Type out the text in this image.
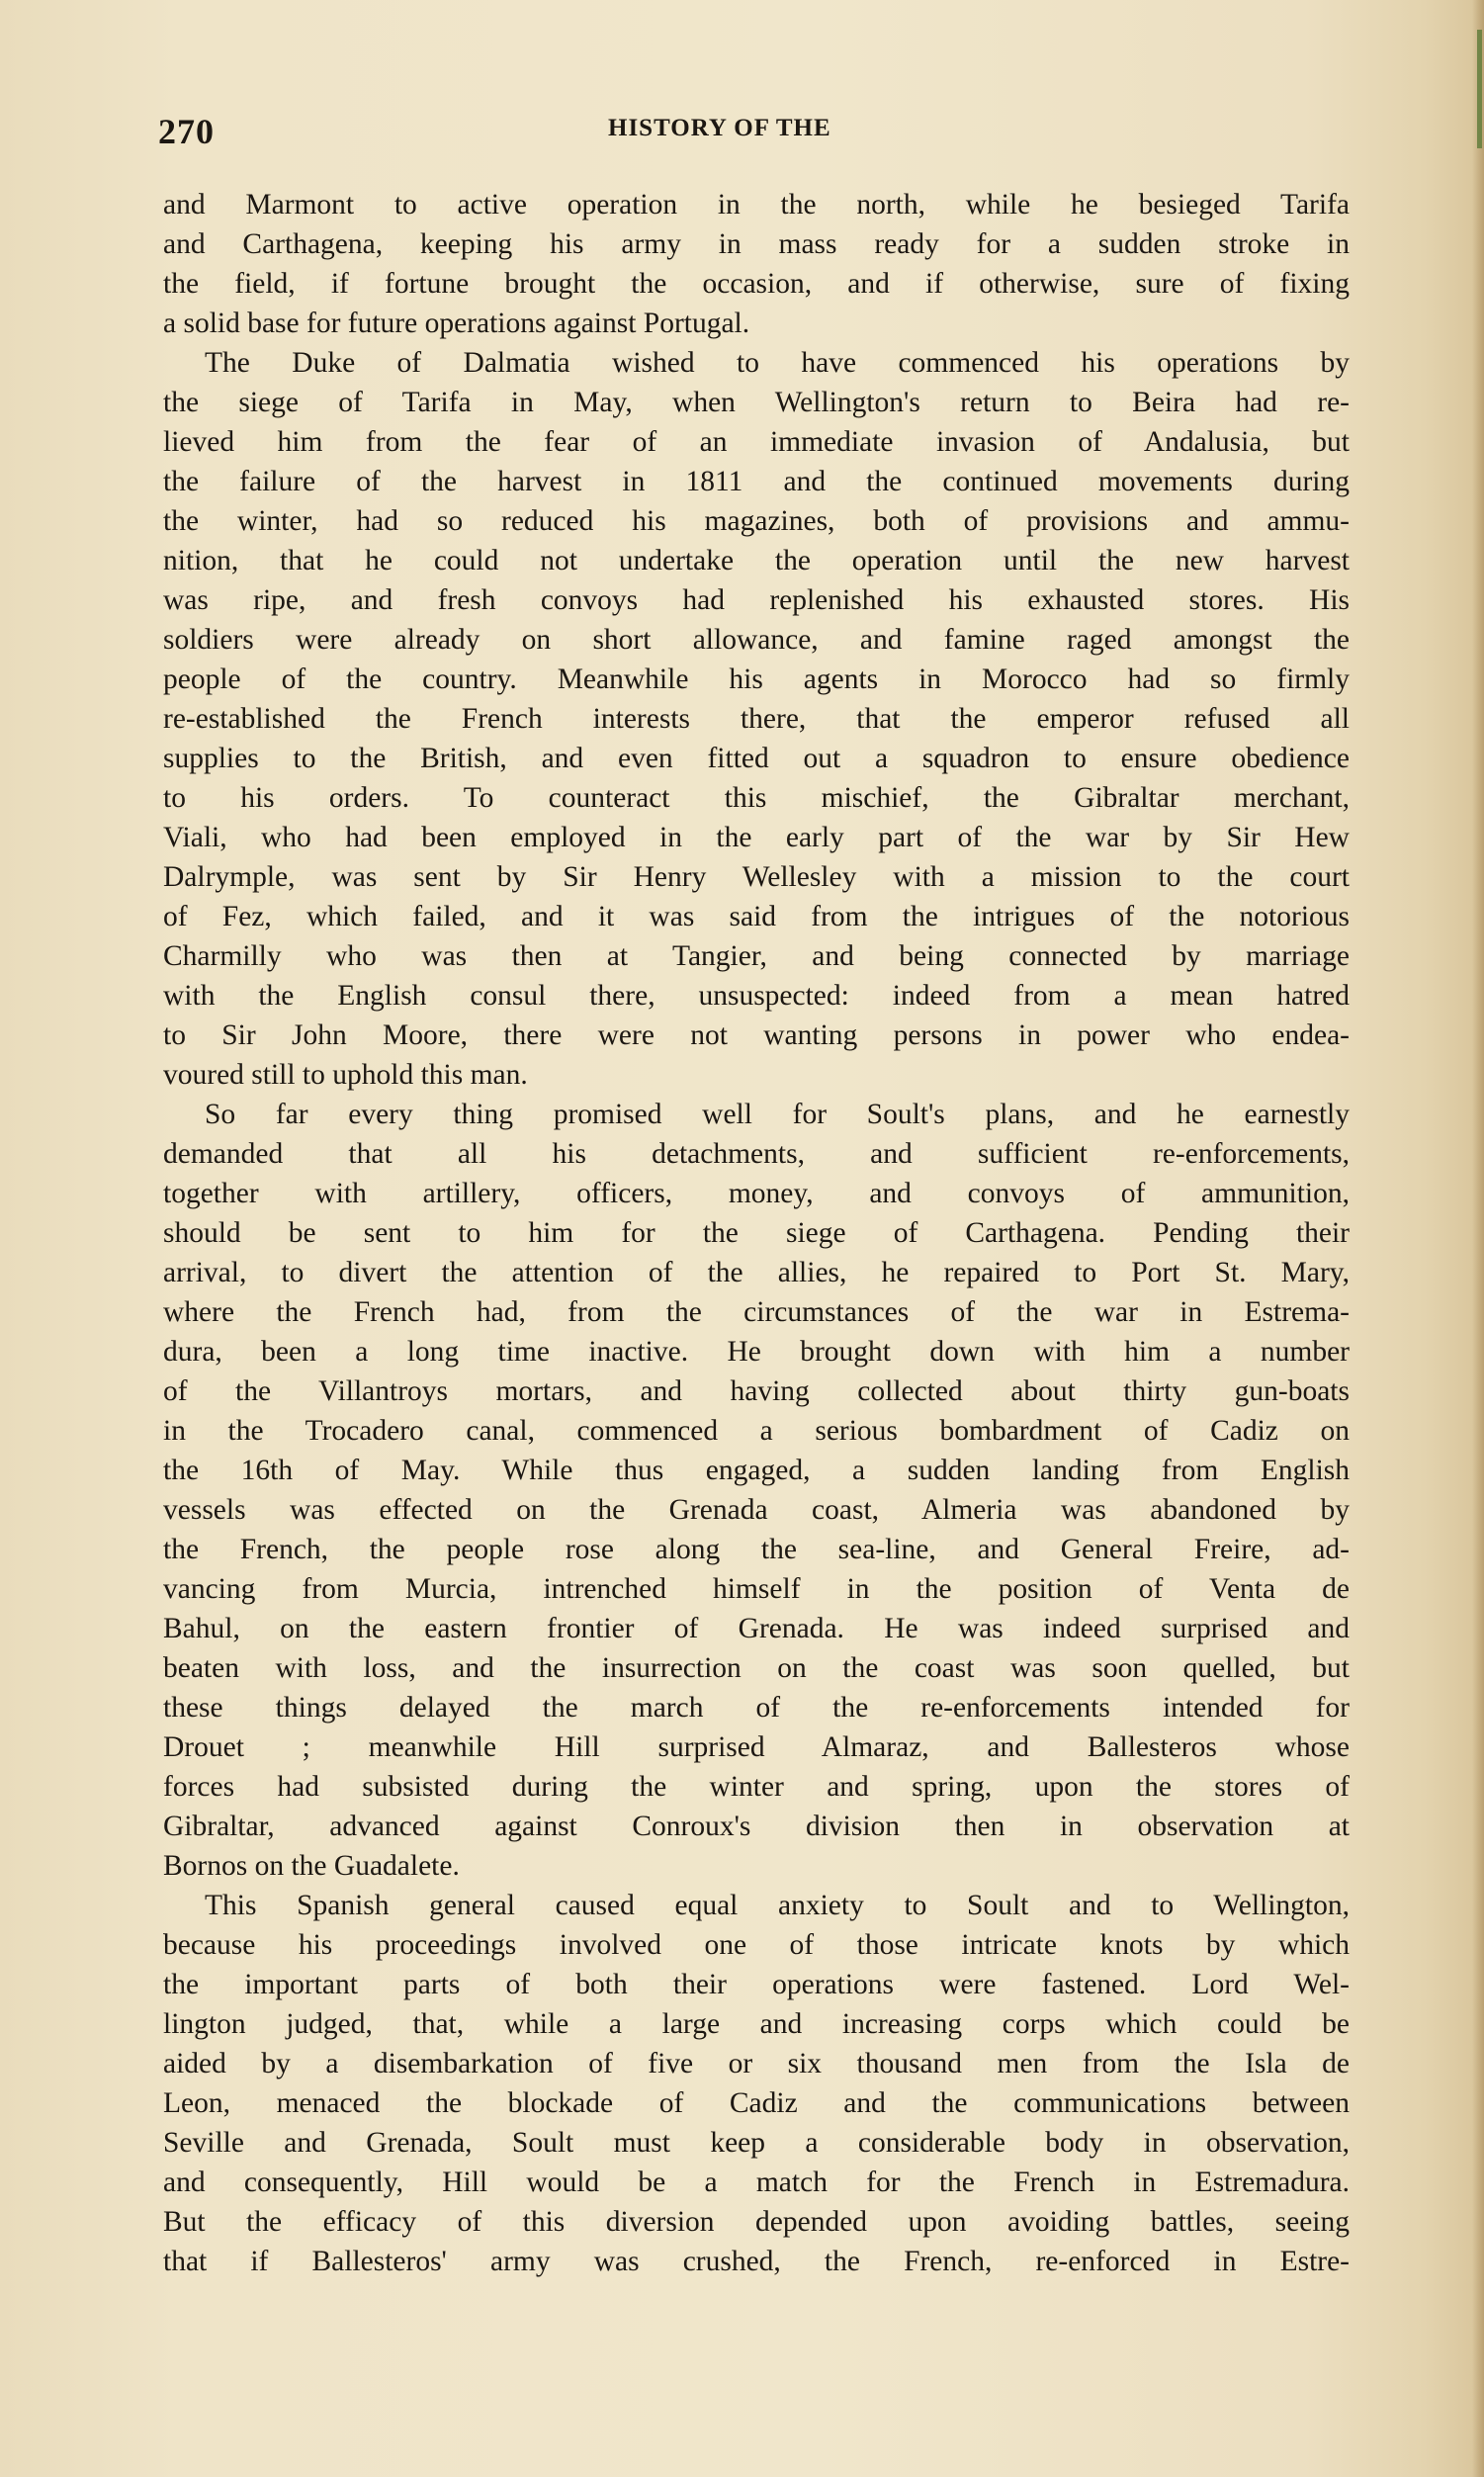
270	HISTORY OF THE
and Marmont to active operation in the north, while he besieged Tarifa
and Carthagena, keeping his army in mass ready for a sudden stroke in
the field, if fortune brought the occasion, and if otherwise, sure of fixing
a solid base for future operations against Portugal.
The Duke of Dalmatia wished to have commenced his operations by
the siege of Tarifa in May, when Wellington's return to Beira had re-
lieved him from the fear of an immediate invasion of Andalusia, but
the failure of the harvest in 1811 and the continued movements during
the winter, had so reduced his magazines, both of provisions and ammu-
nition, that he could not undertake the operation until the new harvest
was ripe, and fresh convoys had replenished his exhausted stores. His
soldiers were already on short allowance, and famine raged amongst the
people of the country. Meanwhile his agents in Morocco had so firmly
re-established the French interests there, that the emperor refused all
supplies to the British, and even fitted out a squadron to ensure obedience
to his orders. To counteract this mischief, the Gibraltar merchant,
Viali, who had been employed in the early part of the war by Sir Hew
Dalrymple, was sent by Sir Henry Wellesley with a mission to the court
of Fez, which failed, and it was said from the intrigues of the notorious
Charmilly who was then at Tangier, and being connected by marriage
with the English consul there, unsuspected: indeed from a mean hatred
to Sir John Moore, there were not wanting persons in power who endea-
voured still to uphold this man.
So far every thing promised well for Soult's plans, and he earnestly
demanded that all his detachments, and sufficient re-enforcements,
together with artillery, officers, money, and convoys of ammunition,
should be sent to him for the siege of Carthagena. Pending their
arrival, to divert the attention of the allies, he repaired to Port St. Mary,
where the French had, from the circumstances of the war in Estrema-
dura, been a long time inactive. He brought down with him a number
of the Villantroys mortars, and having collected about thirty gun-boats
in the Trocadero canal, commenced a serious bombardment of Cadiz on
the 16th of May. While thus engaged, a sudden landing from English
vessels was effected on the Grenada coast, Almeria was abandoned by
the French, the people rose along the sea-line, and General Freire, ad-
vancing from Murcia, intrenched himself in the position of Venta de
Bahul, on the eastern frontier of Grenada. He was indeed surprised and
beaten with loss, and the insurrection on the coast was soon quelled, but
these things delayed the march of the re-enforcements intended for
Drouet ; meanwhile Hill surprised Almaraz, and Ballesteros whose
forces had subsisted during the winter and spring, upon the stores of
Gibraltar, advanced against Conroux's division then in observation at
Bornos on the Guadalete.
This Spanish general caused equal anxiety to Soult and to Wellington,
because his proceedings involved one of those intricate knots by which
the important parts of both their operations were fastened. Lord Wel-
lington judged, that, while a large and increasing corps which could be
aided by a disembarkation of five or six thousand men from the Isla de
Leon, menaced the blockade of Cadiz and the communications between
Seville and Grenada, Soult must keep a considerable body in observation,
and consequently, Hill would be a match for the French in Estremadura.
But the efficacy of this diversion depended upon avoiding battles, seeing
that if Ballesteros' army was crushed, the French, re-enforced in Estre-
